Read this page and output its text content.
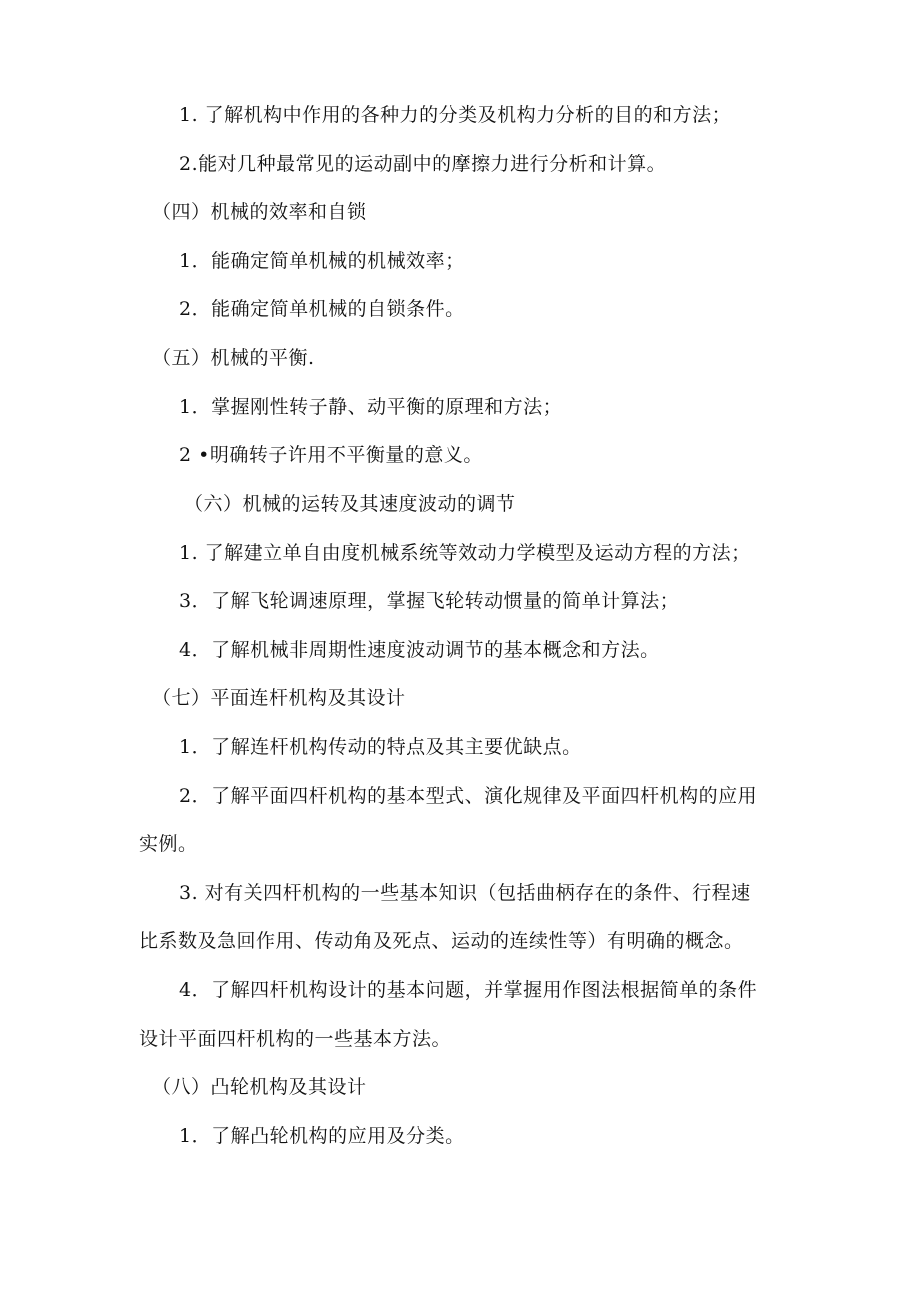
1. 了解机构中作用的各种力的分类及机构力分析的目的和方法；
2.能对几种最常见的运动副中的摩擦力进行分析和计算。
（四）机械的效率和自锁
1．能确定简单机械的机械效率；
2．能确定简单机械的自锁条件。
（五）机械的平衡.
1．掌握刚性转子静、动平衡的原理和方法；
2 •明确转子许用不平衡量的意义。
（六）机械的运转及其速度波动的调节
1. 了解建立单自由度机械系统等效动力学模型及运动方程的方法；
3．了解飞轮调速原理，掌握飞轮转动惯量的简单计算法；
4．了解机械非周期性速度波动调节的基本概念和方法。
（七）平面连杆机构及其设计
1．了解连杆机构传动的特点及其主要优缺点。
2．了解平面四杆机构的基本型式、演化规律及平面四杆机构的应用
实例。
3. 对有关四杆机构的一些基本知识（包括曲柄存在的条件、行程速
比系数及急回作用、传动角及死点、运动的连续性等）有明确的概念。
4．了解四杆机构设计的基本问题，并掌握用作图法根据简单的条件
设计平面四杆机构的一些基本方法。
（八）凸轮机构及其设计
1．了解凸轮机构的应用及分类。
